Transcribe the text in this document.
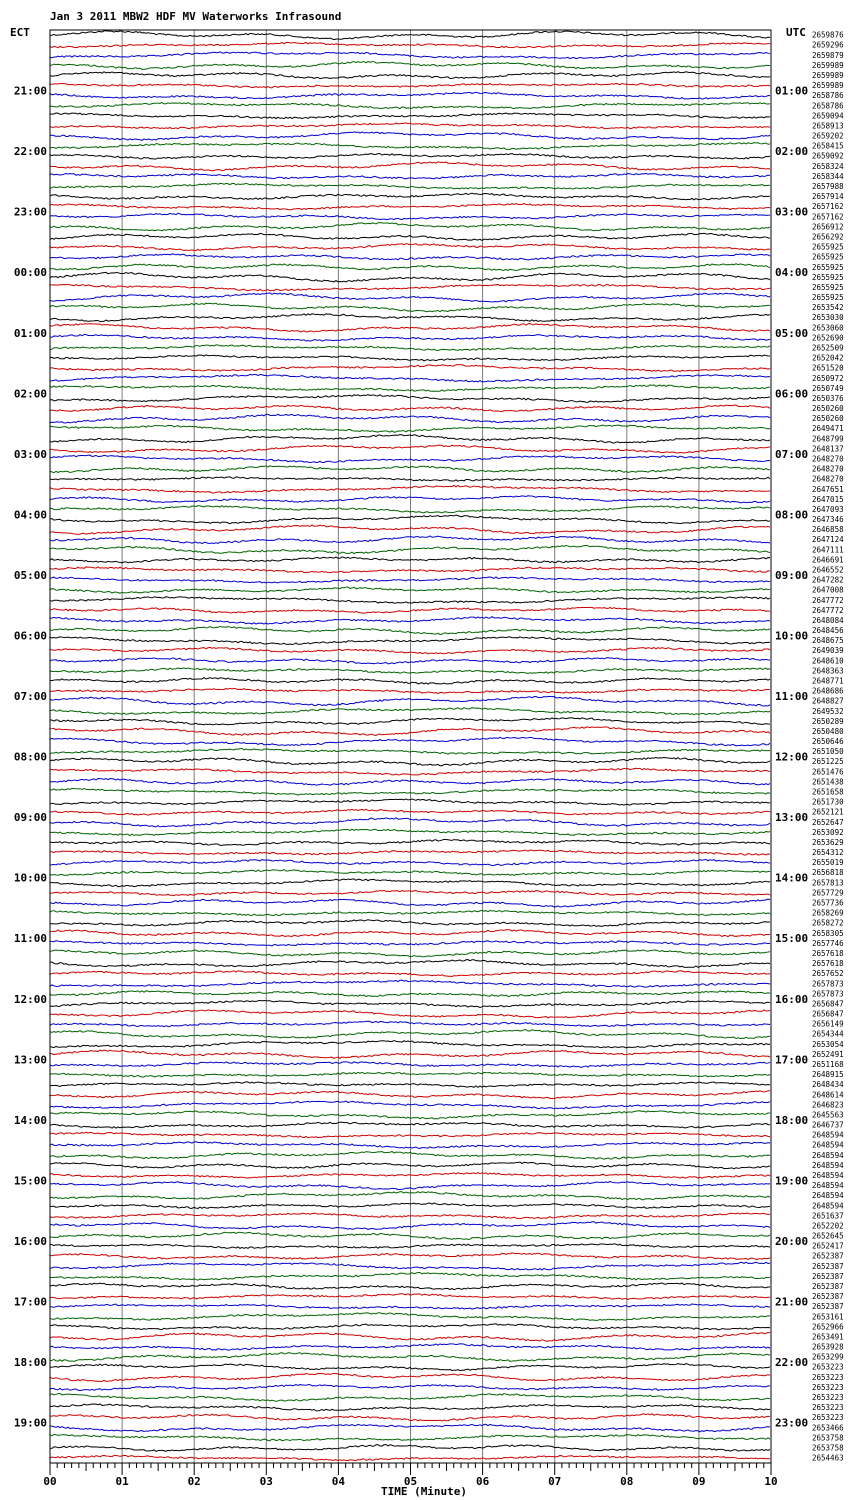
Jan 3 2011 MBW2 HDF MV Waterworks Infrasound
ECT	UTC
21:00
22:00
23:00
00:00
01:00
02:00
03:00
04:00
05:00
06:00
07:00
08:00
09:00
10:00
11:00
12:00
13:00
14:00
15:00
16:00
17:00
18:00
19:00
01:00
02:00
03:00
04:00
05:00
06:00
07:00
08:00
09:00
10:00
11:00
12:00
13:00
14:00
15:00
16:00
17:00
18:00
19:00
20:00
21:00
22:00
23:00
2659876
2659296
2659879
2659989
2659989
2659989
2658786
2658786
2659094
2658913
2659202
2658415
2659092
2658324
2658344
2657988
2657914
2657162
2657162
2656912
2656292
2655925
2655925
2655925
2655925
2655925
2655925
2653542
2653030
2653060
2652690
2652509
2652042
2651520
2650972
2650749
2650376
2650260
2650260
2649471
2648799
2648137
2648270
2648270
2648270
2647651
2647015
2647093
2647346
2646858
2647124
2647111
2646691
2646552
2647282
2647008
2647772
2647772
2648084
2648456
2648675
2649039
2648610
2648363
2648771
2648686
2648827
2649532
2650289
2650480
2650646
2651050
2651225
2651476
2651438
2651658
2651730
2652121
2652647
2653092
2653629
2654312
2655019
2656818
2657813
2657729
2657736
2658269
2658272
2658305
2657746
2657618
2657618
2657652
2657873
2657873
2656847
2656847
2656149
2654344
2653054
2652491
2651168
2648915
2648434
2648614
2646823
2645563
2646737
2648594
2648594
2648594
2648594
2648594
2648594
2648594
2648594
2651637
2652202
2652645
2652417
2652387
2652387
2652387
2652387
2652387
2652387
2653161
2652966
2653491
2653928
2653299
2653223
2653223
2653223
2653223
2653223
2653223
2653466
2653758
2653758
2654463
00	01	02	03	04	05	06	07	08	09	10
TIME (Minute)
